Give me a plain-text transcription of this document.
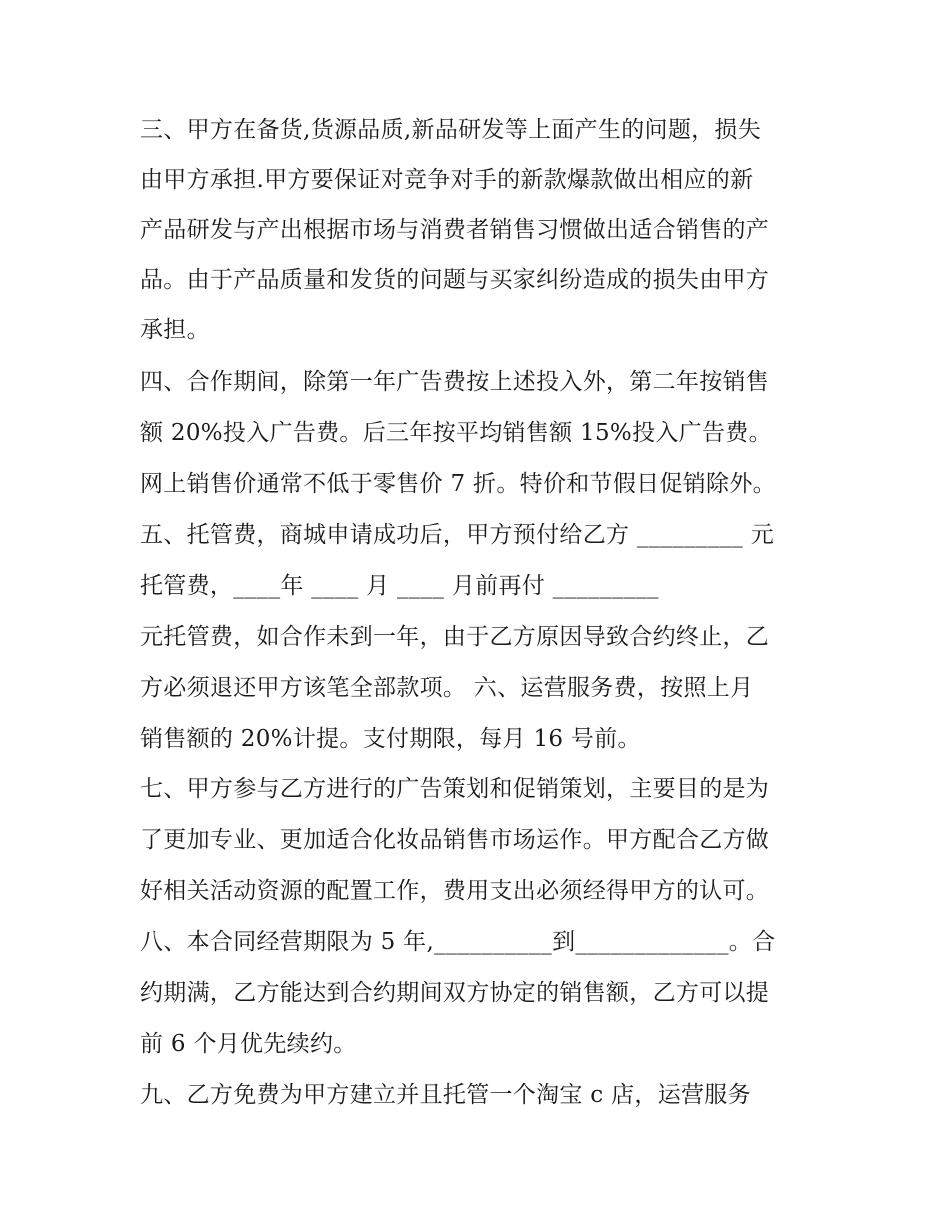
三、甲方在备货,货源品质,新品研发等上面产生的问题，损失
由甲方承担.甲方要保证对竞争对手的新款爆款做出相应的新
产品研发与产出根据市场与消费者销售习惯做出适合销售的产
品。由于产品质量和发货的问题与买家纠纷造成的损失由甲方
承担。
四、合作期间，除第一年广告费按上述投入外，第二年按销售
额 20%投入广告费。后三年按平均销售额 15%投入广告费。
网上销售价通常不低于零售价 7 折。特价和节假日促销除外。
五、托管费，商城申请成功后，甲方预付给乙方 _________ 元
托管费，____年 ____ 月 ____ 月前再付 _________
元托管费，如合作未到一年，由于乙方原因导致合约终止，乙
方必须退还甲方该笔全部款项。 六、运营服务费，按照上月
销售额的 20%计提。支付期限，每月 16 号前。
七、甲方参与乙方进行的广告策划和促销策划，主要目的是为
了更加专业、更加适合化妆品销售市场运作。甲方配合乙方做
好相关活动资源的配置工作，费用支出必须经得甲方的认可。
八、本合同经营期限为 5 年,__________到_____________。合
约期满，乙方能达到合约期间双方协定的销售额，乙方可以提
前 6 个月优先续约。
九、乙方免费为甲方建立并且托管一个淘宝 c 店，运营服务
